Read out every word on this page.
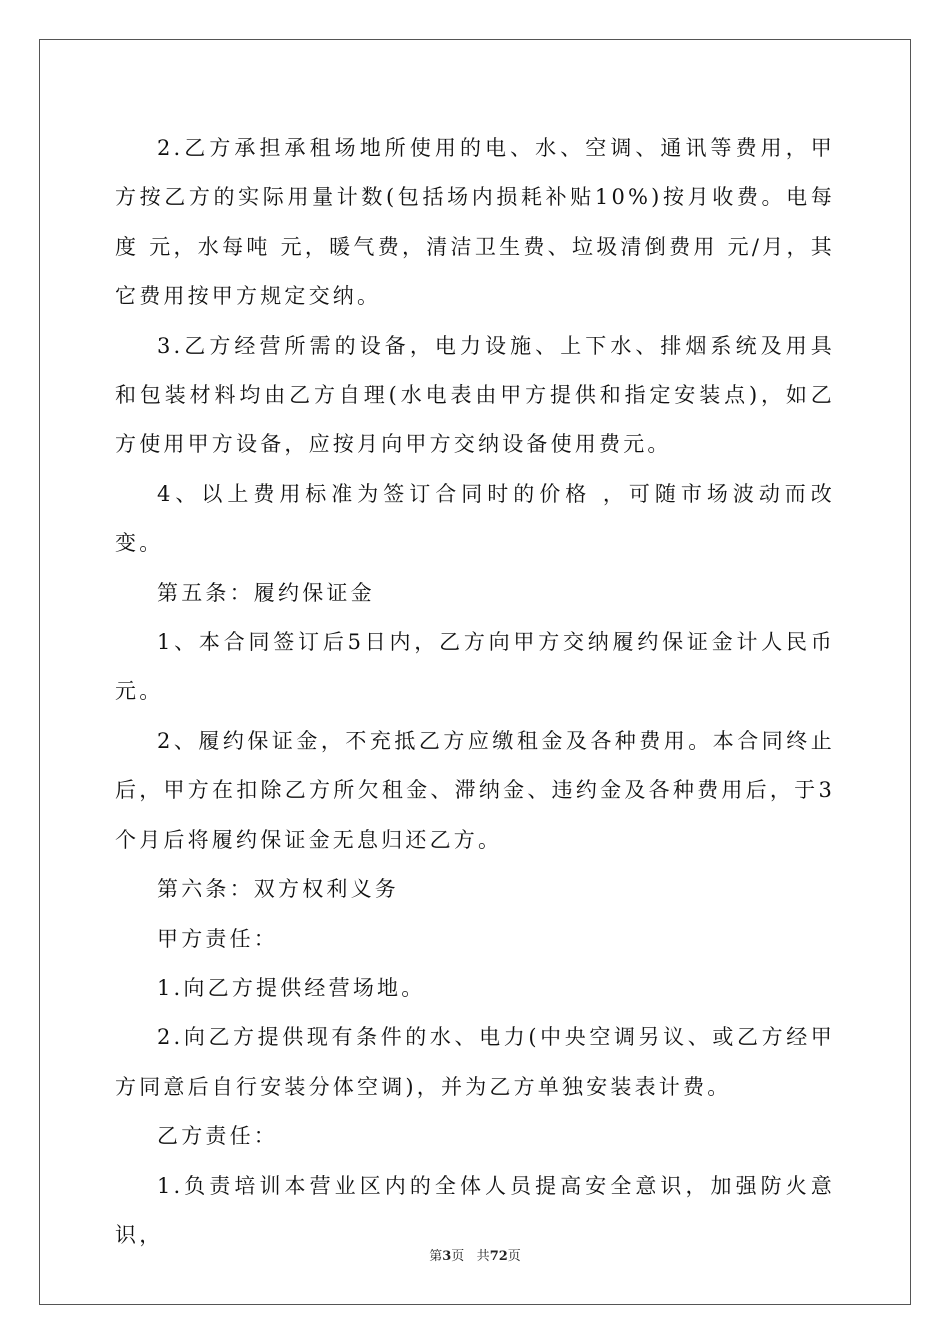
2.乙方承担承租场地所使用的电、水、空调、通讯等费用，甲方按乙方的实际用量计数(包括场内损耗补贴10%)按月收费。电每度 元，水每吨 元，暖气费，清洁卫生费、垃圾清倒费用 元/月，其它费用按甲方规定交纳。

3.乙方经营所需的设备，电力设施、上下水、排烟系统及用具和包装材料均由乙方自理(水电表由甲方提供和指定安装点)，如乙方使用甲方设备，应按月向甲方交纳设备使用费元。

4、以上费用标准为签订合同时的价格 ，可随市场波动而改变。

第五条：履约保证金

1、本合同签订后5日内，乙方向甲方交纳履约保证金计人民币元。

2、履约保证金，不充抵乙方应缴租金及各种费用。本合同终止后，甲方在扣除乙方所欠租金、滞纳金、违约金及各种费用后，于3个月后将履约保证金无息归还乙方。

第六条：双方权利义务

甲方责任：

1.向乙方提供经营场地。

2.向乙方提供现有条件的水、电力(中央空调另议、或乙方经甲方同意后自行安装分体空调)，并为乙方单独安装表计费。

乙方责任：

1.负责培训本营业区内的全体人员提高安全意识，加强防火意识，

第3页 共72页
